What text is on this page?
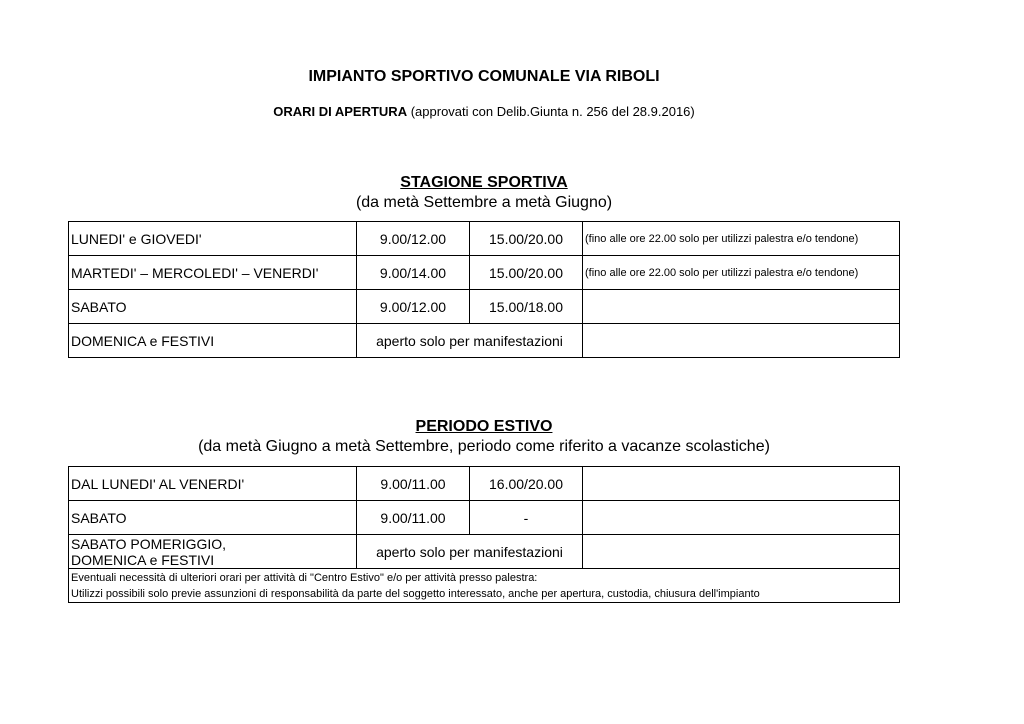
IMPIANTO SPORTIVO COMUNALE VIA RIBOLI
ORARI DI APERTURA (approvati con Delib.Giunta n. 256 del 28.9.2016)
STAGIONE SPORTIVA
(da metà Settembre a metà Giugno)
LUNEDI' e GIOVEDI'	9.00/12.00	15.00/20.00	(fino alle ore 22.00 solo per utilizzi palestra e/o tendone)
MARTEDI' – MERCOLEDI' – VENERDI'	9.00/14.00	15.00/20.00	(fino alle ore 22.00 solo per utilizzi palestra e/o tendone)
SABATO	9.00/12.00	15.00/18.00	
DOMENICA e FESTIVI	aperto solo per manifestazioni		
PERIODO ESTIVO
(da metà Giugno a metà Settembre, periodo come riferito a vacanze scolastiche)
DAL LUNEDI' AL VENERDI'	9.00/11.00	16.00/20.00	
SABATO	9.00/11.00	-	

SABATO POMERIGGIO,
DOMENICA e FESTIVI	aperto solo per manifestazioni		

Eventuali necessità di ulteriori orari per attività di "Centro Estivo" e/o per attività presso palestra:
Utilizzi possibili solo previe assunzioni di responsabilità da parte del soggetto interessato, anche per apertura, custodia, chiusura dell'impianto			
